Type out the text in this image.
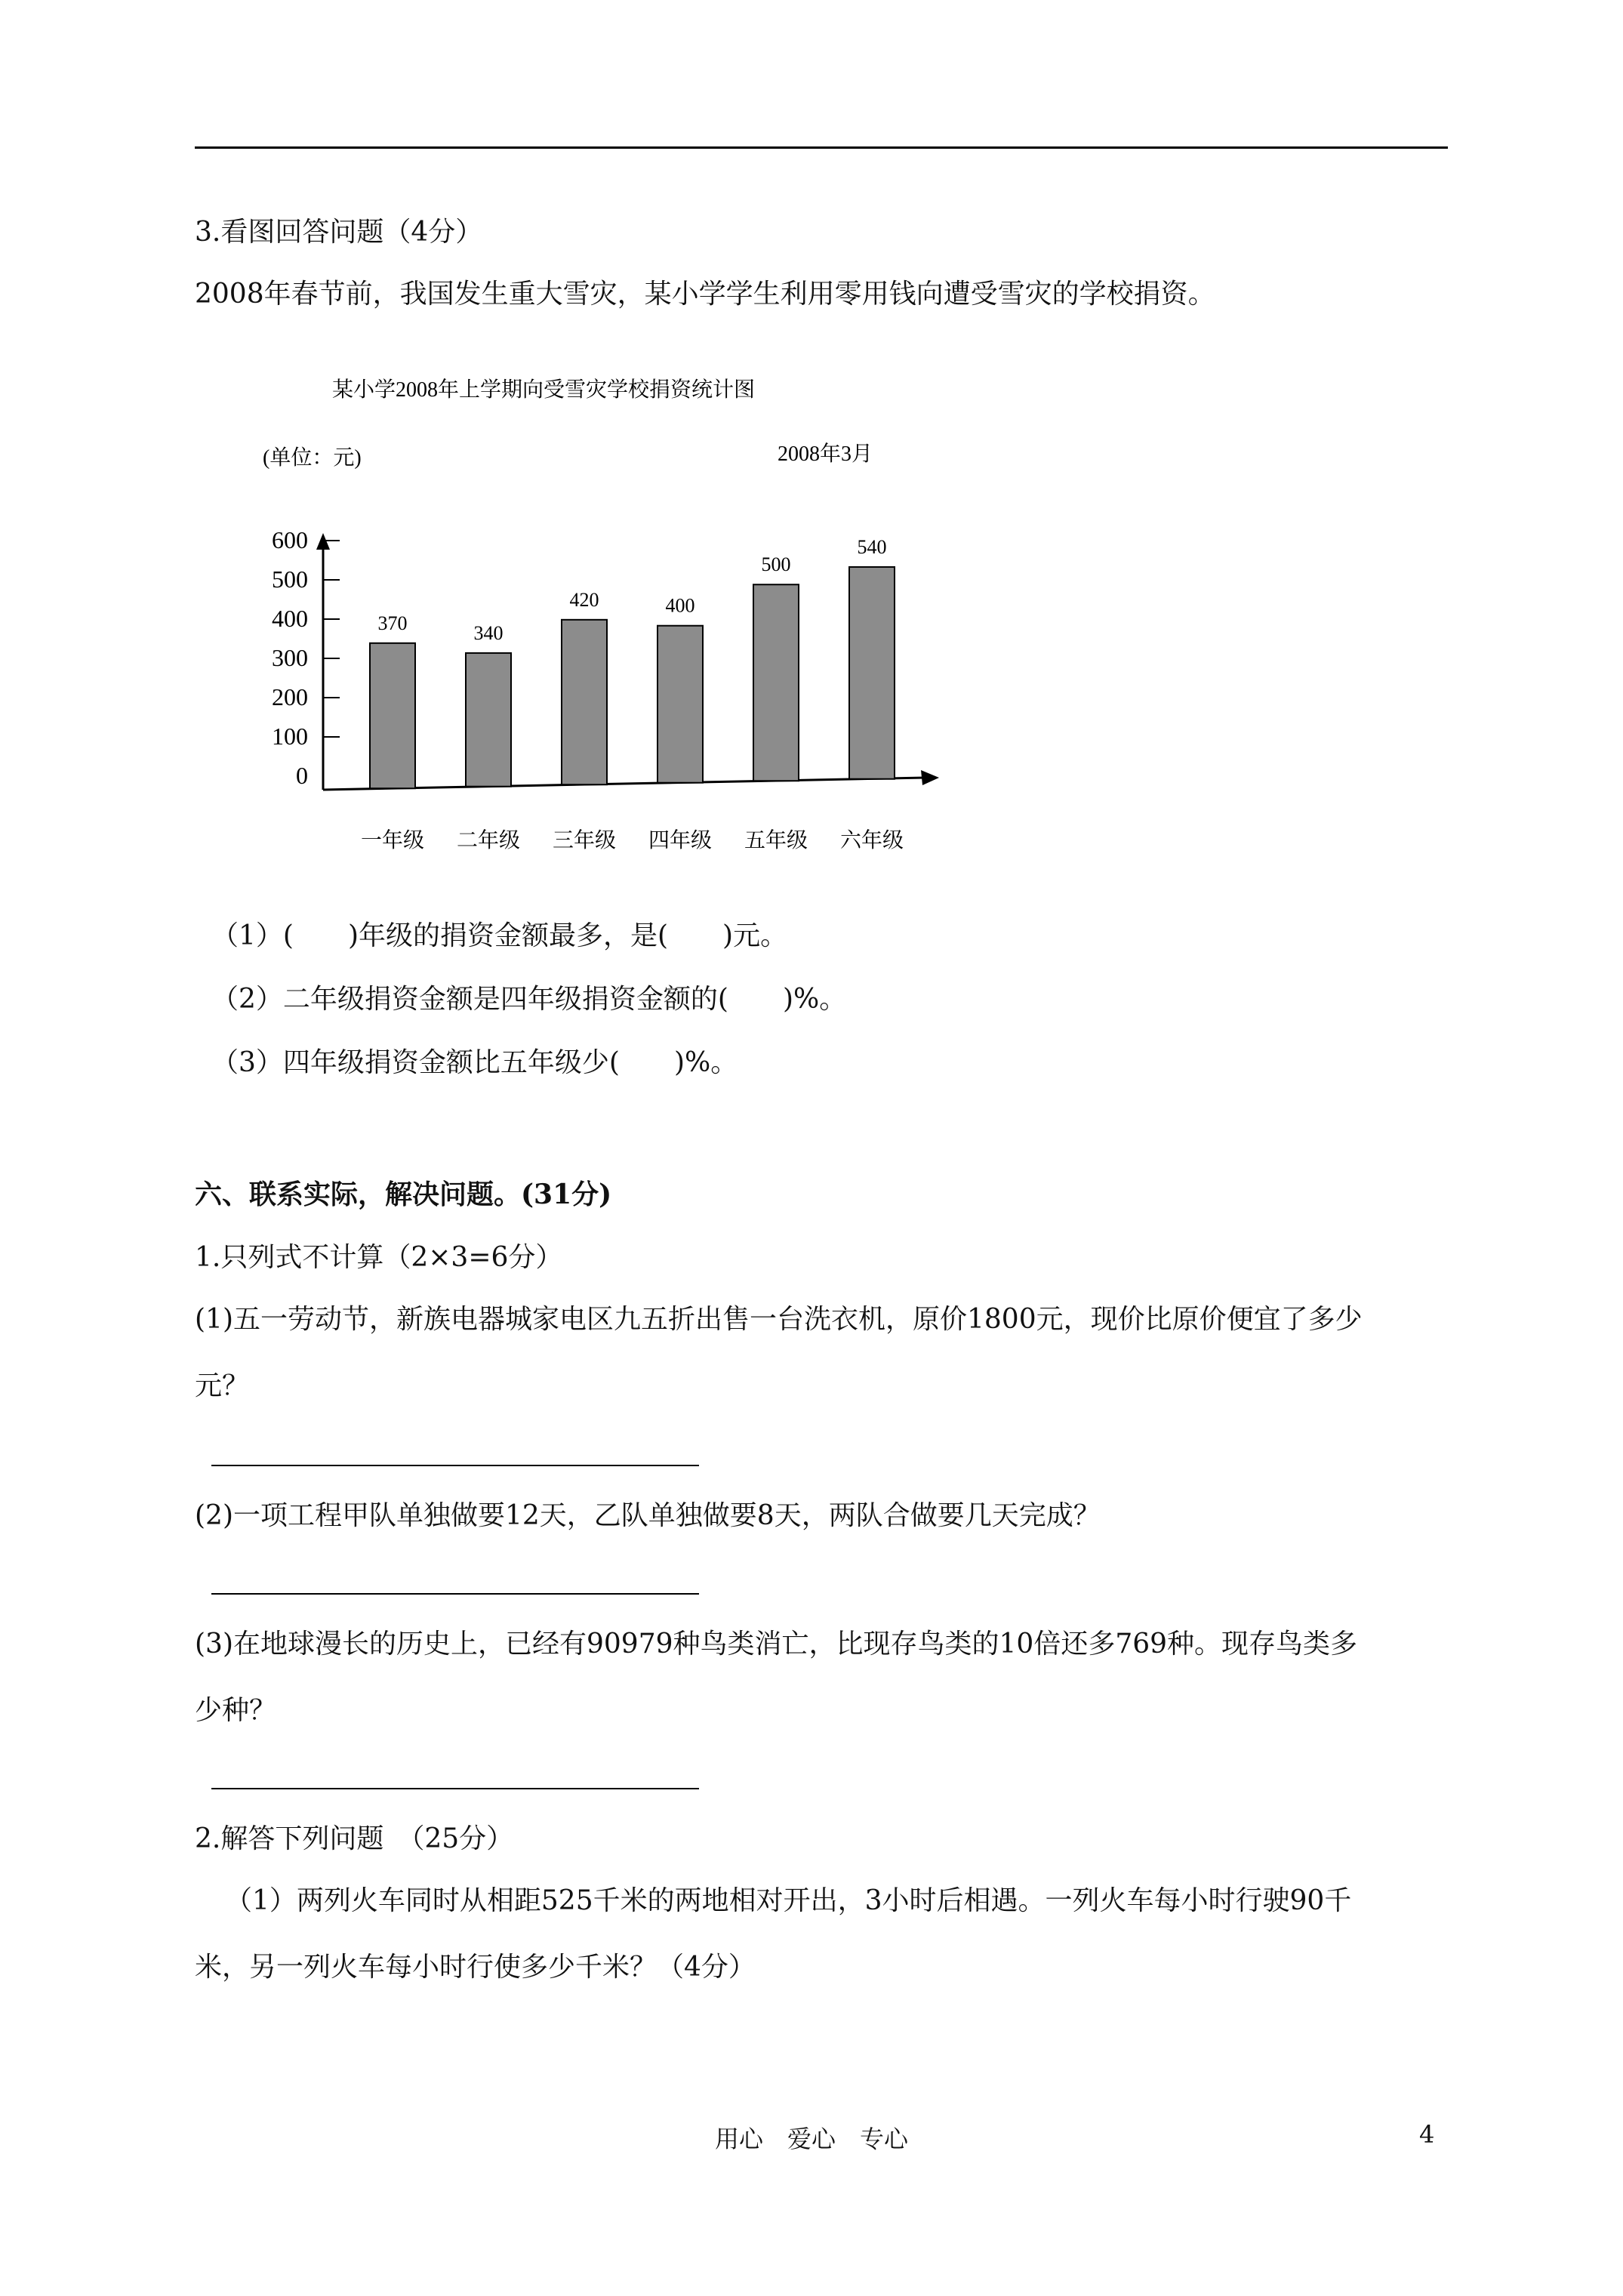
3.看图回答问题（4分）
2008年春节前，我国发生重大雪灾，某小学学生利用零用钱向遭受雪灾的学校捐资。
某小学2008年上学期向受雪灾学校捐资统计图
(单位：元)	2008年3月
0
100
200
300
400
500
600
370	340
420	400
500
540
一年级 二年级 三年级 四年级 五年级 六年级
（1）(　　)年级的捐资金额最多，是(　　)元。
（2）二年级捐资金额是四年级捐资金额的(　　)%。
（3）四年级捐资金额比五年级少(　　)%。
六、联系实际，解决问题。(31分)
1.只列式不计算（2×3=6分）
(1)五一劳动节，新族电器城家电区九五折出售一台洗衣机，原价1800元，现价比原价便宜了多少
元？
(2)一项工程甲队单独做要12天，乙队单独做要8天，两队合做要几天完成？
(3)在地球漫长的历史上，已经有90979种鸟类消亡，比现存鸟类的10倍还多769种。现存鸟类多
少种？
2.解答下列问题　（25分）
（1）两列火车同时从相距525千米的两地相对开出，3小时后相遇。一列火车每小时行驶90千
米，另一列火车每小时行使多少千米？（4分）
用心　爱心　专心	4
